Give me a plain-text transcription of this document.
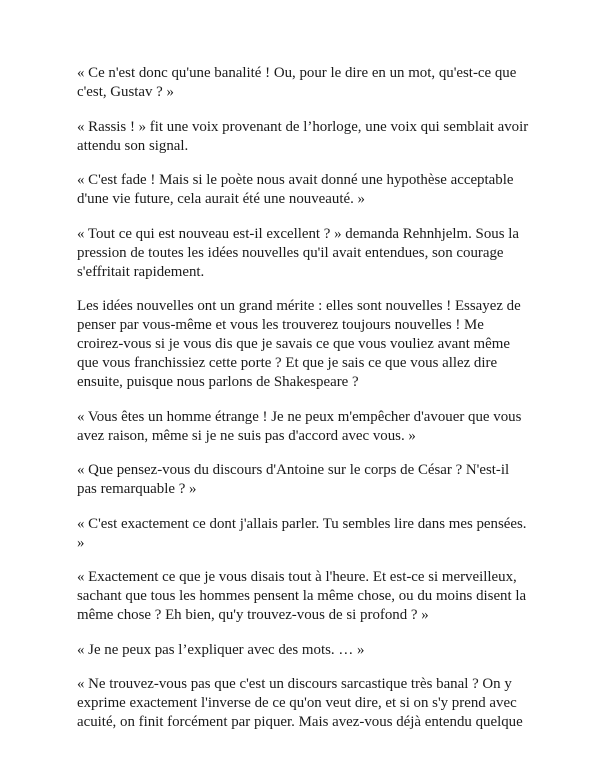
« Ce n'est donc qu'une banalité ! Ou, pour le dire en un mot, qu'est-ce que c'est, Gustav ? »

« Rassis ! » fit une voix provenant de l’horloge, une voix qui semblait avoir attendu son signal.

« C'est fade ! Mais si le poète nous avait donné une hypothèse acceptable d'une vie future, cela aurait été une nouveauté. »

« Tout ce qui est nouveau est-il excellent ? » demanda Rehnhjelm. Sous la pression de toutes les idées nouvelles qu'il avait entendues, son courage s'effritait rapidement.

Les idées nouvelles ont un grand mérite : elles sont nouvelles ! Essayez de penser par vous-même et vous les trouverez toujours nouvelles ! Me croirez-vous si je vous dis que je savais ce que vous vouliez avant même que vous franchissiez cette porte ? Et que je sais ce que vous allez dire ensuite, puisque nous parlons de Shakespeare ?

« Vous êtes un homme étrange ! Je ne peux m'empêcher d'avouer que vous avez raison, même si je ne suis pas d'accord avec vous. »

« Que pensez-vous du discours d'Antoine sur le corps de César ? N'est-il pas remarquable ? »

« C'est exactement ce dont j'allais parler. Tu sembles lire dans mes pensées. »

« Exactement ce que je vous disais tout à l'heure. Et est-ce si merveilleux, sachant que tous les hommes pensent la même chose, ou du moins disent la même chose ? Eh bien, qu'y trouvez-vous de si profond ? »

« Je ne peux pas l’expliquer avec des mots. … »

« Ne trouvez-vous pas que c'est un discours sarcastique très banal ? On y exprime exactement l'inverse de ce qu'on veut dire, et si on s'y prend avec acuité, on finit forcément par piquer. Mais avez-vous déjà entendu quelque
